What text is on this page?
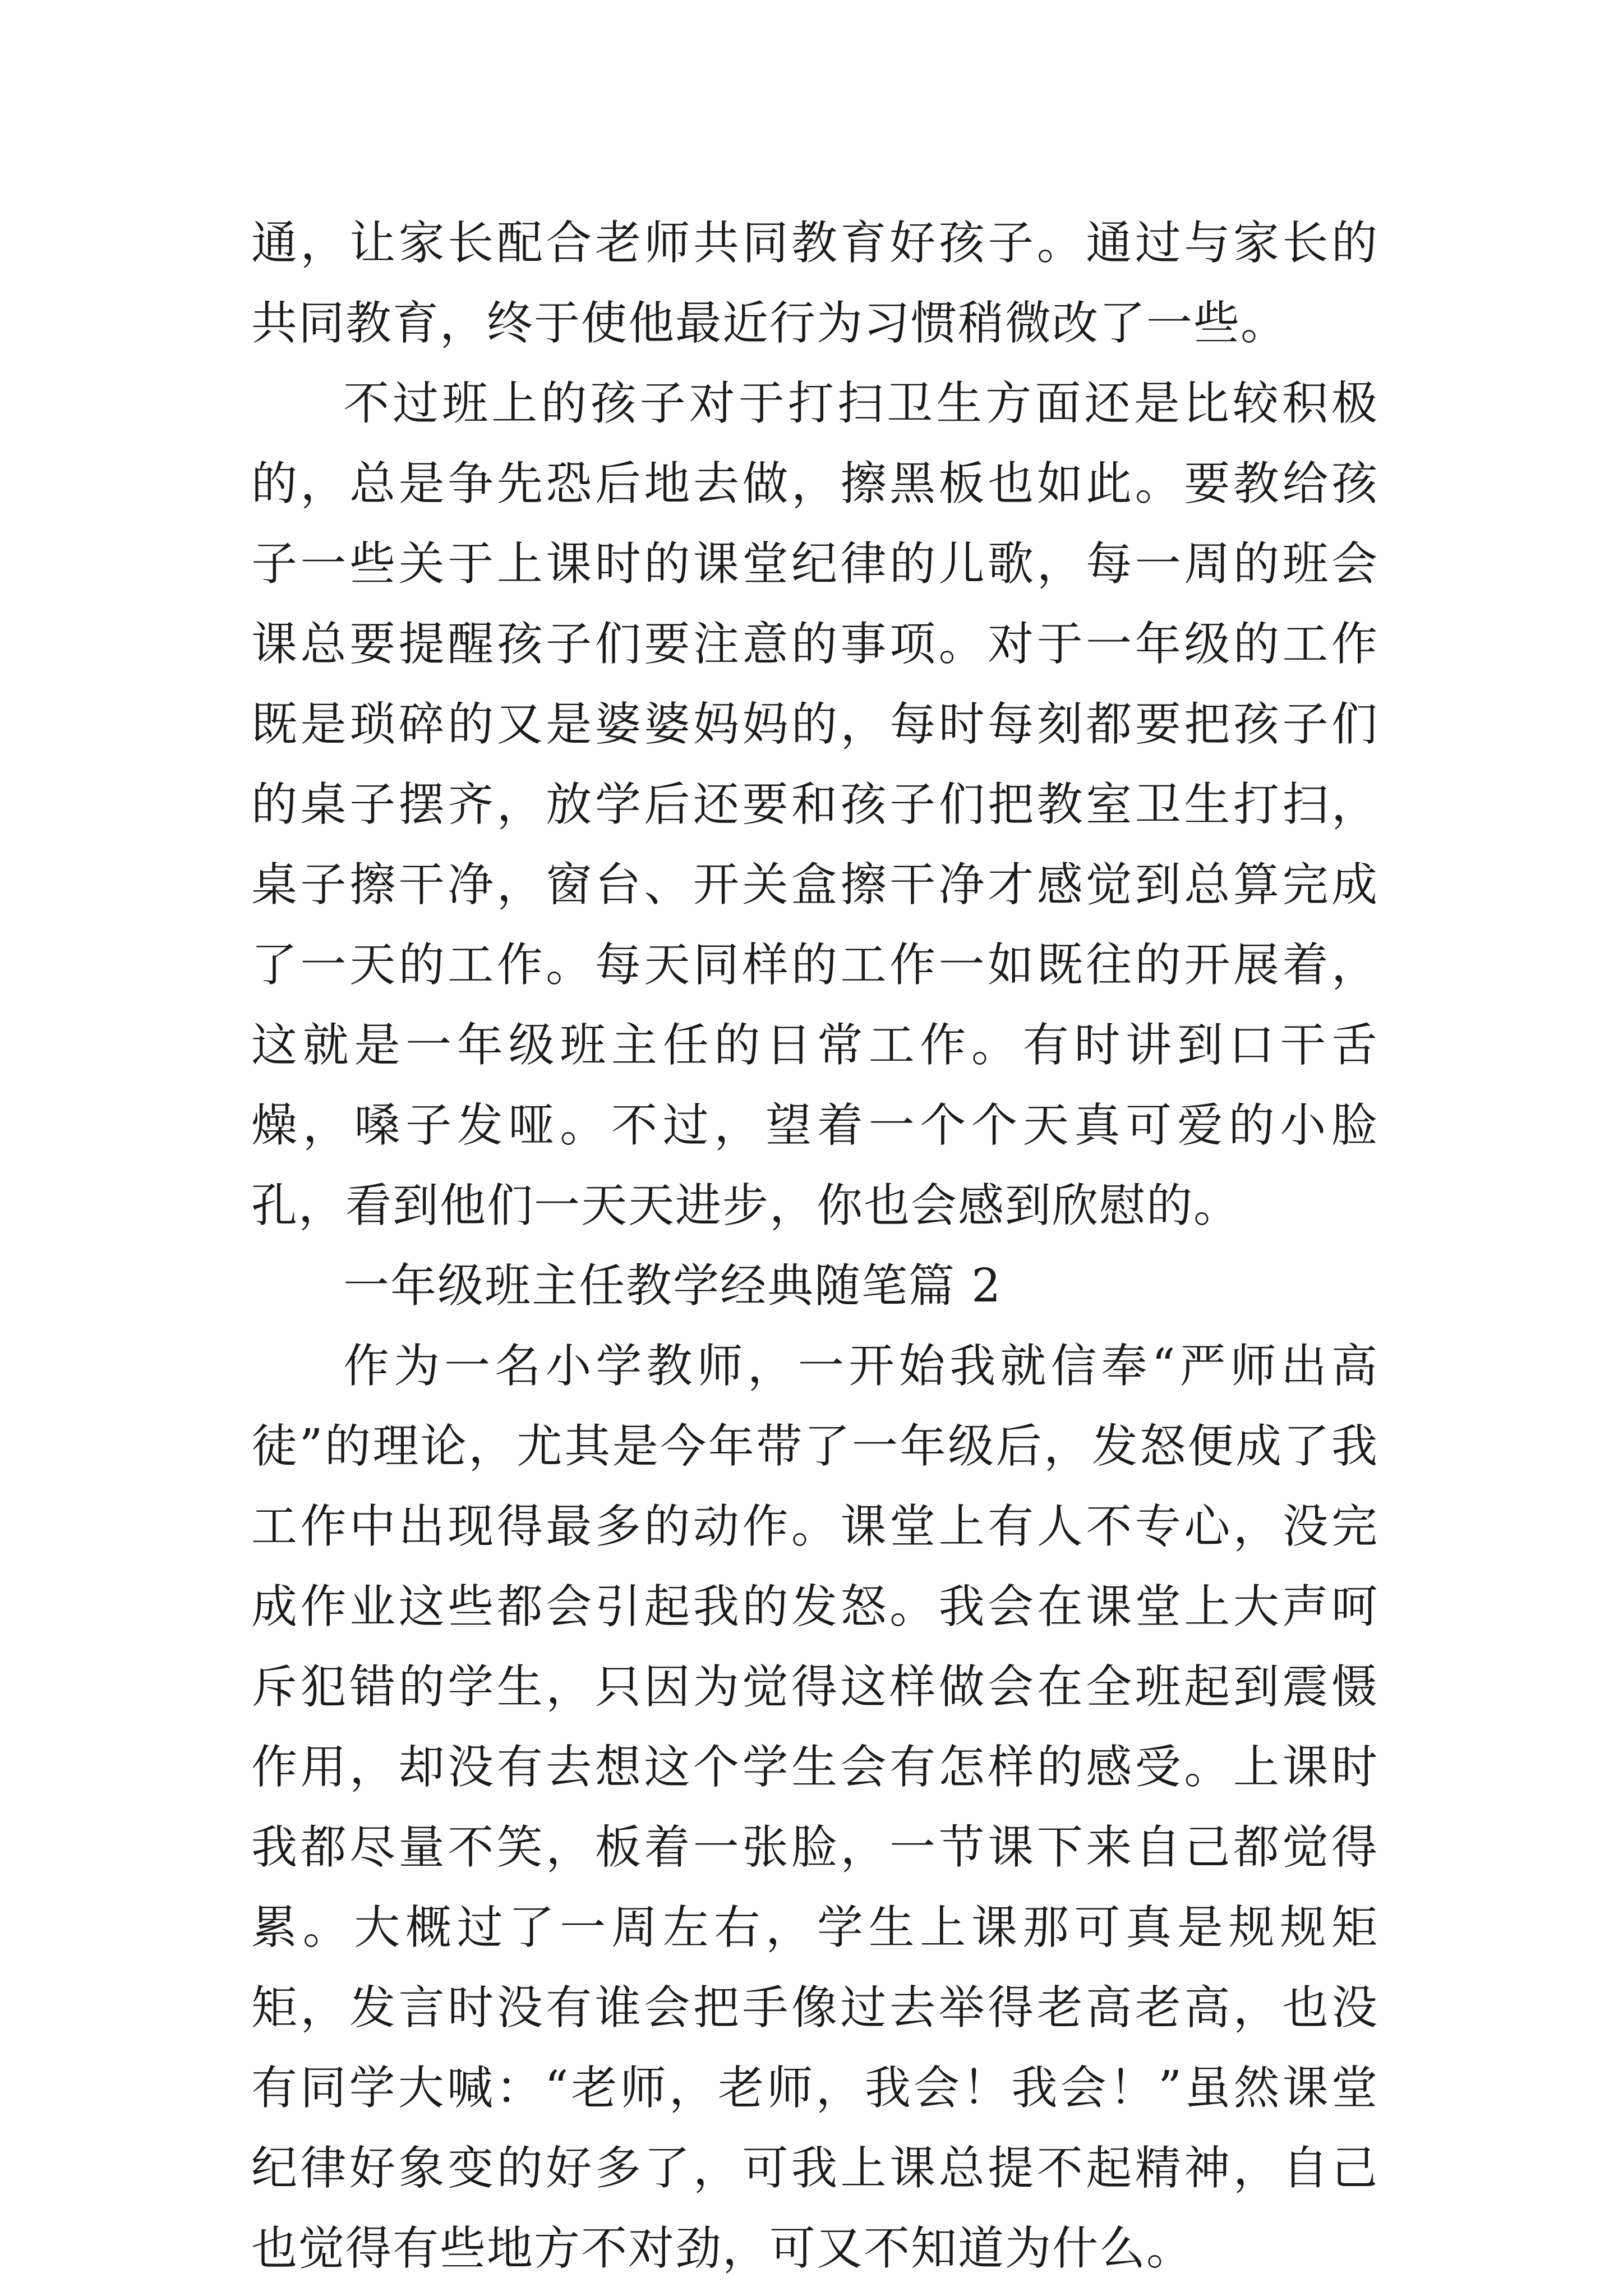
通，让家长配合老师共同教育好孩子。通过与家长的共同教育，终于使他最近行为习惯稍微改了一些。

不过班上的孩子对于打扫卫生方面还是比较积极的，总是争先恐后地去做，擦黑板也如此。要教给孩子一些关于上课时的课堂纪律的儿歌，每一周的班会课总要提醒孩子们要注意的事项。对于一年级的工作既是琐碎的又是婆婆妈妈的，每时每刻都要把孩子们的桌子摆齐，放学后还要和孩子们把教室卫生打扫，桌子擦干净，窗台、开关盒擦干净才感觉到总算完成了一天的工作。每天同样的工作一如既往的开展着，这就是一年级班主任的日常工作。有时讲到口干舌燥，嗓子发哑。不过，望着一个个天真可爱的小脸孔，看到他们一天天进步，你也会感到欣慰的。

一年级班主任教学经典随笔篇 2

作为一名小学教师，一开始我就信奉“严师出高徒”的理论，尤其是今年带了一年级后，发怒便成了我工作中出现得最多的动作。课堂上有人不专心，没完成作业这些都会引起我的发怒。我会在课堂上大声呵斥犯错的学生，只因为觉得这样做会在全班起到震慑作用，却没有去想这个学生会有怎样的感受。上课时我都尽量不笑，板着一张脸，一节课下来自己都觉得累。大概过了一周左右，学生上课那可真是规规矩矩，发言时没有谁会把手像过去举得老高老高，也没有同学大喊：“老师，老师，我会！我会！”虽然课堂纪律好象变的好多了，可我上课总提不起精神，自己也觉得有些地方不对劲，可又不知道为什么。
